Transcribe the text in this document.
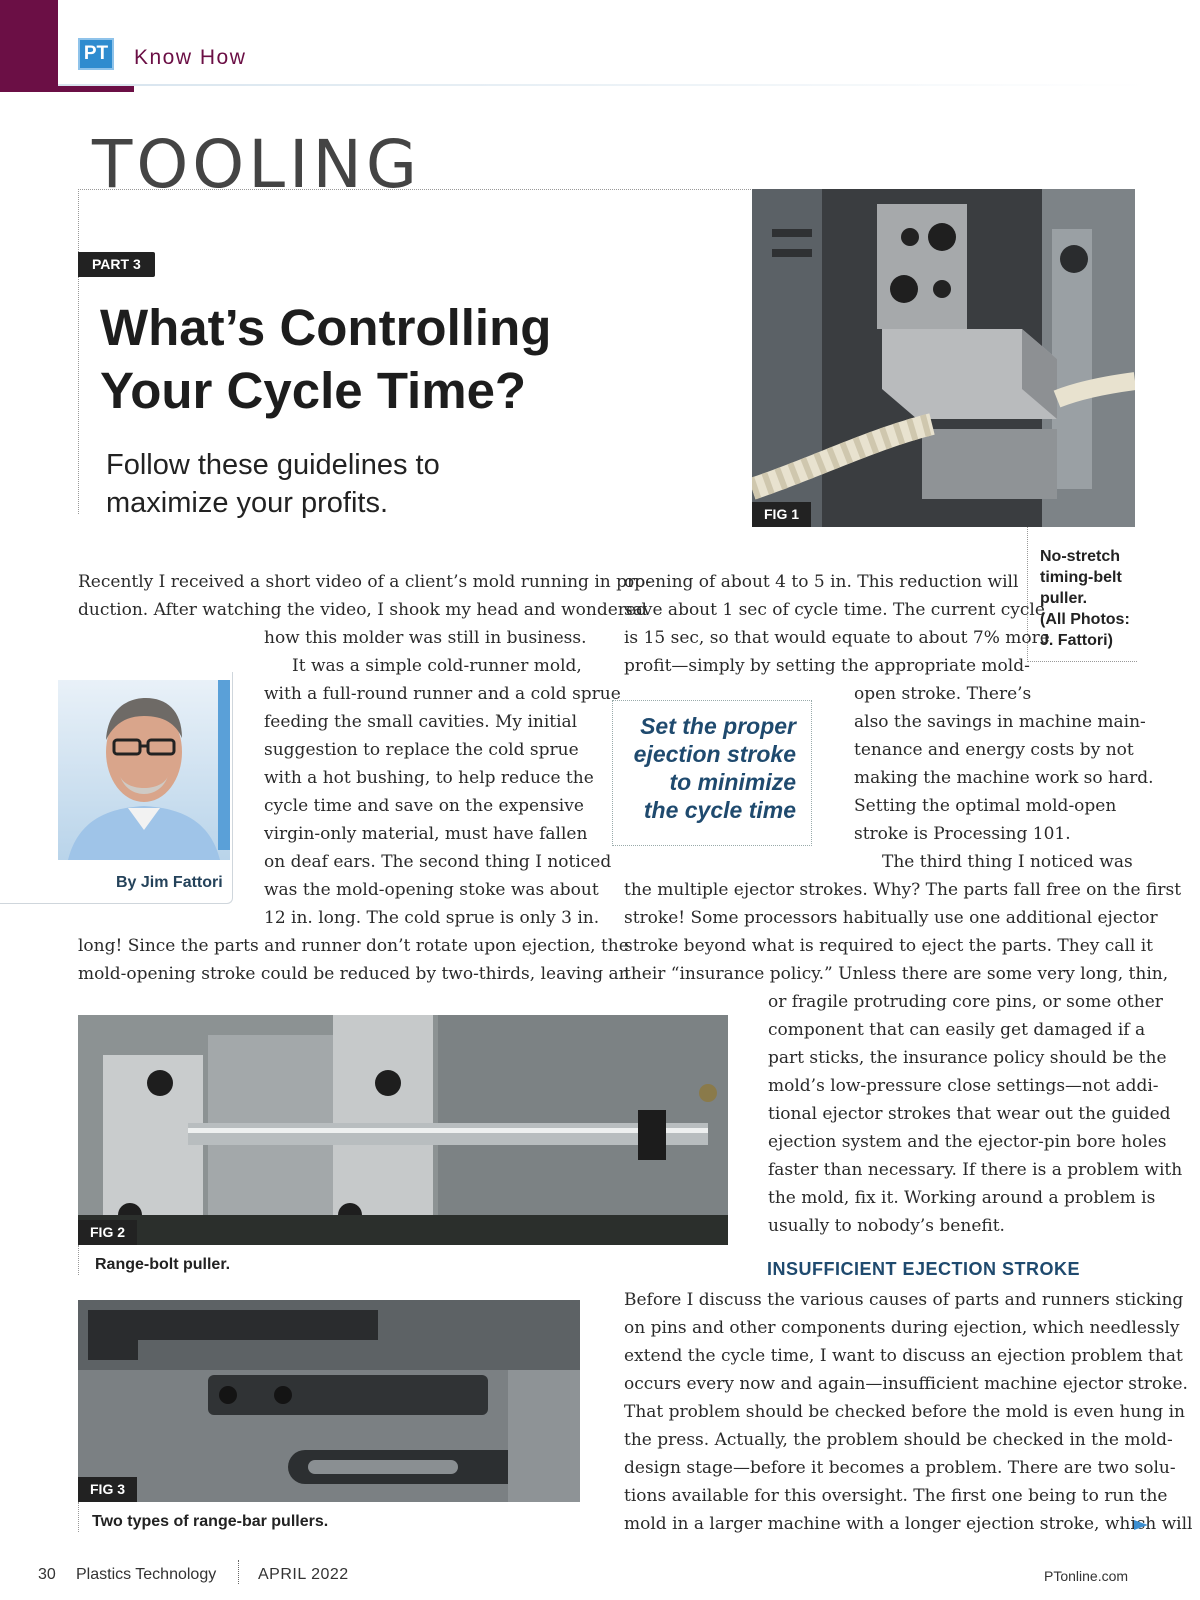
PT Know How
TOOLING
PART 3
What’s Controlling
Your Cycle Time?
Follow these guidelines to
maximize your profits.	FIG 1
No-stretch
timing-belt
puller.
(All Photos:
J. Fattori)
By Jim Fattori
Recently I received a short video of a client’s mold running in pro-
duction. After watching the video, I shook my head and wondered
how this molder was still in business.
It was a simple cold-runner mold,
with a full-round runner and a cold sprue
feeding the small cavities. My initial
suggestion to replace the cold sprue
with a hot bushing, to help reduce the
cycle time and save on the expensive
virgin-only material, must have fallen
on deaf ears. The second thing I noticed
was the mold-opening stoke was about
12 in. long. The cold sprue is only 3 in.
long! Since the parts and runner don’t rotate upon ejection, the
mold-opening stroke could be reduced by two-thirds, leaving an
opening of about 4 to 5 in. This reduction will
save about 1 sec of cycle time. The current cycle
is 15 sec, so that would equate to about 7% more
profit—simply by setting the appropriate mold-
open stroke. There’s
also the savings in machine main-
tenance and energy costs by not
making the machine work so hard.
Setting the optimal mold-open
stroke is Processing 101.
The third thing I noticed was
the multiple ejector strokes. Why? The parts fall free on the first
stroke! Some processors habitually use one additional ejector
stroke beyond what is required to eject the parts. They call it
their “insurance policy.” Unless there are some very long, thin,
or fragile protruding core pins, or some other
component that can easily get damaged if a
part sticks, the insurance policy should be the
mold’s low-pressure close settings—not addi-
tional ejector strokes that wear out the guided
ejection system and the ejector-pin bore holes
faster than necessary. If there is a problem with
the mold, fix it. Working around a problem is
usually to nobody’s benefit.
Set the proper
ejection stroke
to minimize
the cycle time
FIG 2
Range-bolt puller.
FIG 3
Two types of range-bar pullers.
INSUFFICIENT EJECTION STROKE
Before I discuss the various causes of parts and runners sticking
on pins and other components during ejection, which needlessly
extend the cycle time, I want to discuss an ejection problem that
occurs every now and again—insufficient machine ejector stroke.
That problem should be checked before the mold is even hung in
the press. Actually, the problem should be checked in the mold-
design stage—before it becomes a problem. There are two solu-
tions available for this oversight. The first one being to run the
mold in a larger machine with a longer ejection stroke, which will
30 Plastics Technology	APRIL 2022	PTonline.com
